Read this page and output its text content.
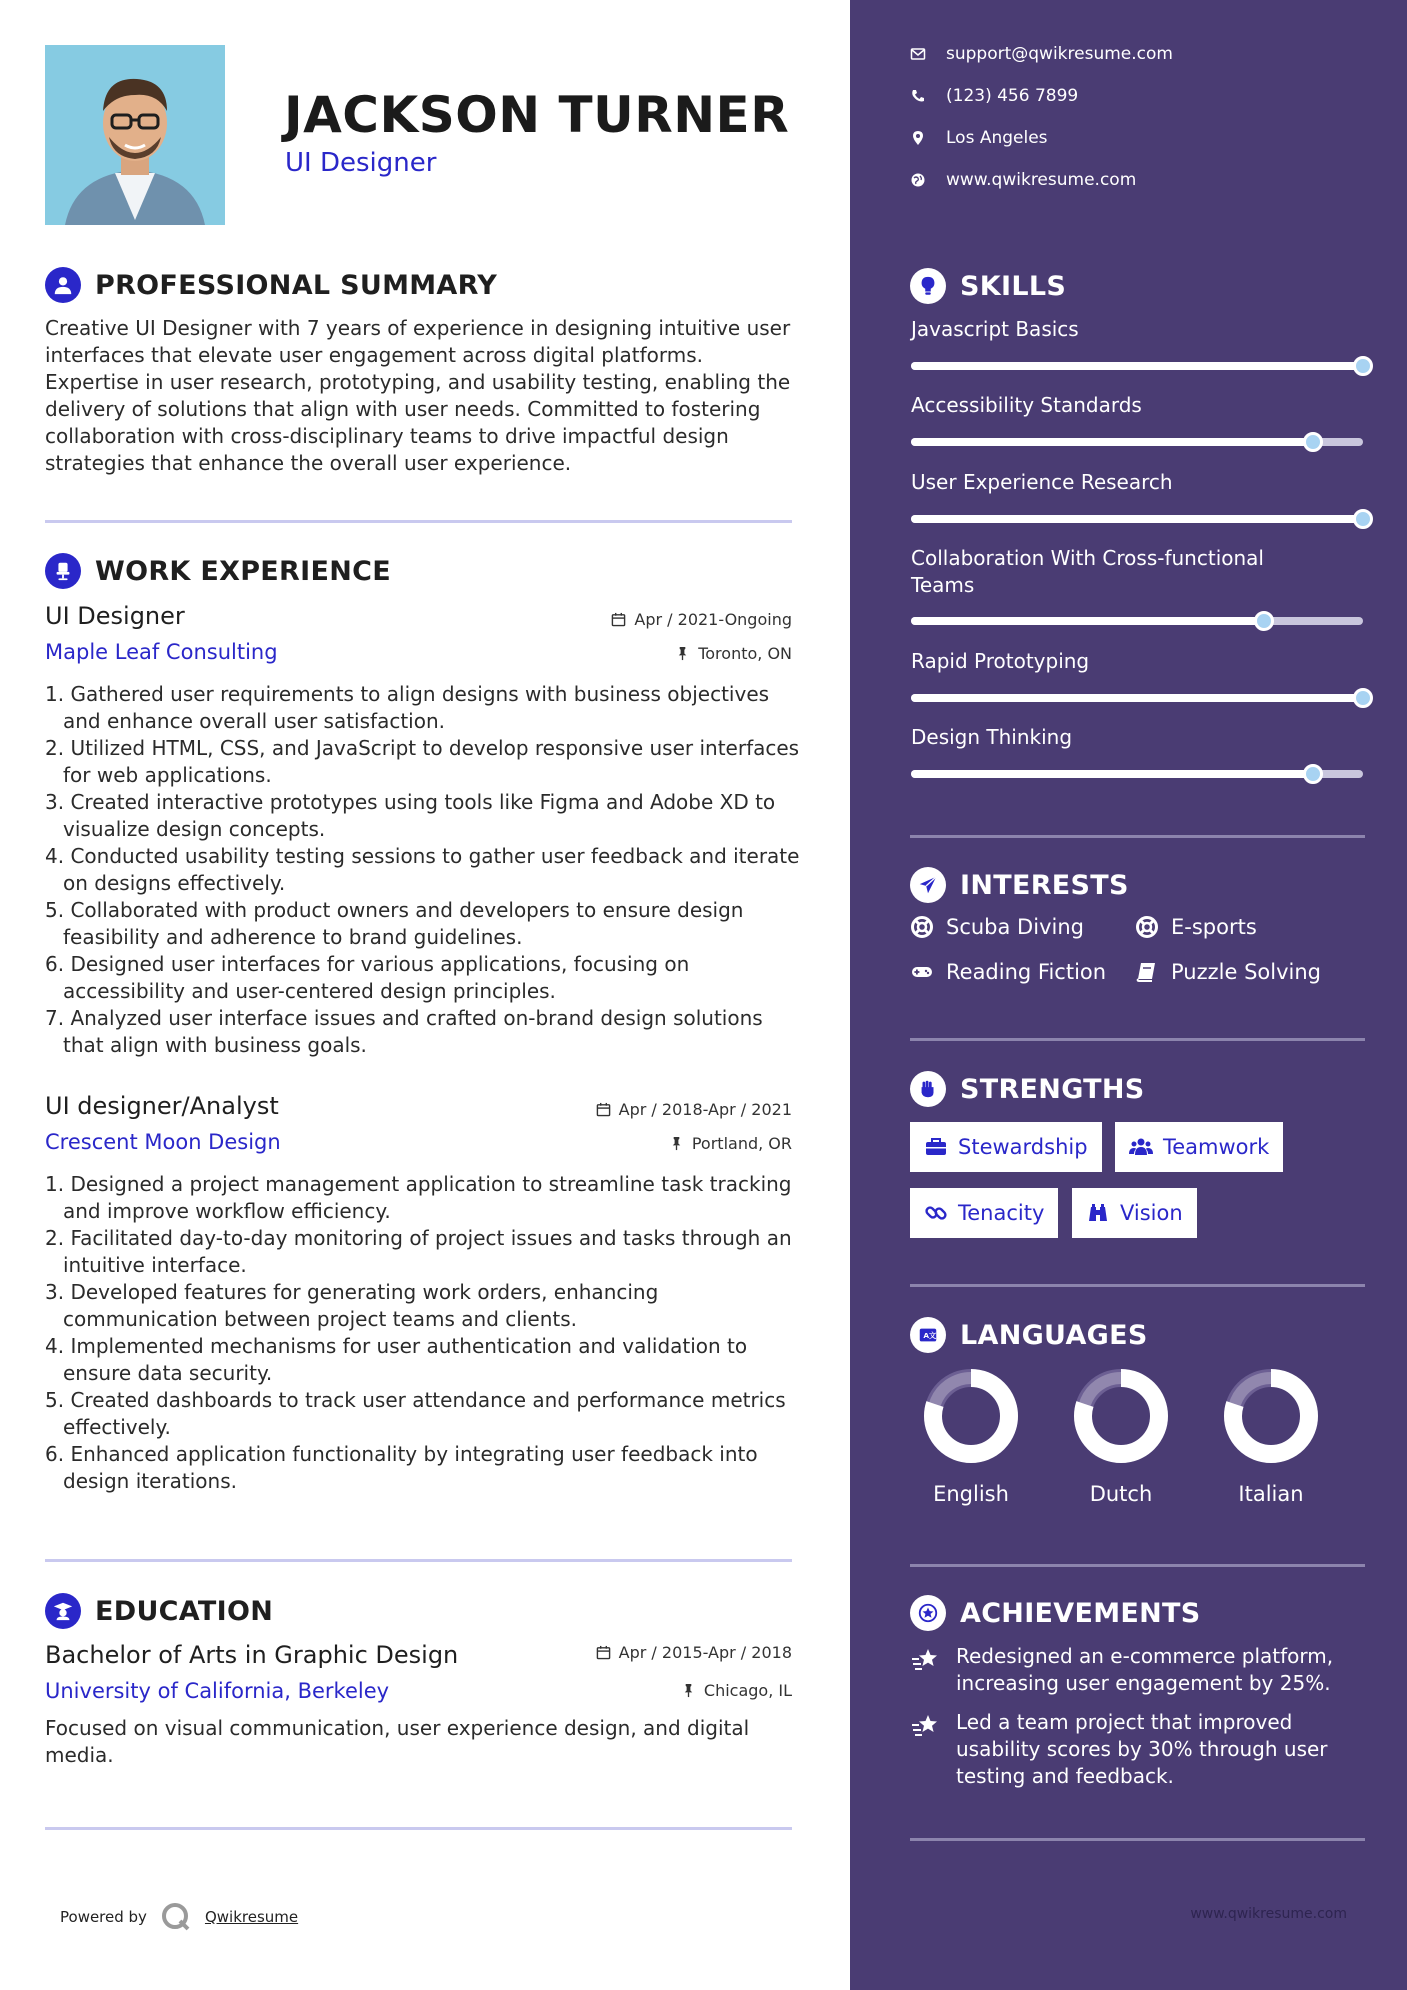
JACKSON TURNER
UI Designer
PROFESSIONAL SUMMARY
Creative UI Designer with 7 years of experience in designing intuitive user interfaces that elevate user engagement across digital platforms. Expertise in user research, prototyping, and usability testing, enabling the delivery of solutions that align with user needs. Committed to fostering collaboration with cross-disciplinary teams to drive impactful design strategies that enhance the overall user experience.
WORK EXPERIENCE
UI Designer	Apr / 2021-Ongoing
Maple Leaf Consulting	Toronto, ON
1. Gathered user requirements to align designs with business objectives and enhance overall user satisfaction.
2. Utilized HTML, CSS, and JavaScript to develop responsive user interfaces for web applications.
3. Created interactive prototypes using tools like Figma and Adobe XD to visualize design concepts.
4. Conducted usability testing sessions to gather user feedback and iterate on designs effectively.
5. Collaborated with product owners and developers to ensure design feasibility and adherence to brand guidelines.
6. Designed user interfaces for various applications, focusing on accessibility and user-centered design principles.
7. Analyzed user interface issues and crafted on-brand design solutions that align with business goals.
UI designer/Analyst	Apr / 2018-Apr / 2021
Crescent Moon Design	Portland, OR
1. Designed a project management application to streamline task tracking and improve workflow efficiency.
2. Facilitated day-to-day monitoring of project issues and tasks through an intuitive interface.
3. Developed features for generating work orders, enhancing communication between project teams and clients.
4. Implemented mechanisms for user authentication and validation to ensure data security.
5. Created dashboards to track user attendance and performance metrics effectively.
6. Enhanced application functionality by integrating user feedback into design iterations.
EDUCATION
Bachelor of Arts in Graphic Design	Apr / 2015-Apr / 2018
University of California, Berkeley	Chicago, IL
Focused on visual communication, user experience design, and digital media.
Powered by	Qwikresume
support@qwikresume.com
(123) 456 7899
Los Angeles
www.qwikresume.com
SKILLS
Javascript Basics
Accessibility Standards
User Experience Research
Collaboration With Cross-functional Teams
Rapid Prototyping
Design Thinking
INTERESTS
Scuba Diving	E-sports
Reading Fiction	Puzzle Solving
STRENGTHS
Stewardship	Teamwork
Tenacity	Vision
A 文 LANGUAGES
English	Dutch	Italian
ACHIEVEMENTS
Redesigned an e-commerce platform, increasing user engagement by 25%.
Led a team project that improved usability scores by 30% through user testing and feedback.
www.qwikresume.com
